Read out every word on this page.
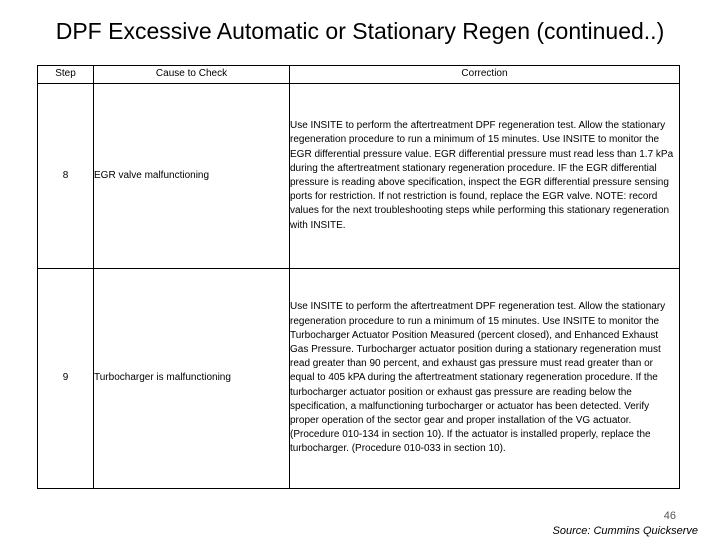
DPF Excessive Automatic or Stationary Regen (continued..)
Step	Cause to Check	Correction
8	EGR valve malfunctioning	Use INSITE to perform the aftertreatment DPF regeneration test. Allow the stationary regeneration procedure to run a minimum of 15 minutes. Use INSITE to monitor the EGR differential pressure value. EGR differential pressure must read less than 1.7 kPa during the aftertreatment stationary regeneration procedure. IF the EGR differential pressure is reading above specification, inspect the EGR differential pressure sensing ports for restriction. If not restriction is found, replace the EGR valve. NOTE: record values for the next troubleshooting steps while performing this stationary regeneration with INSITE.
9	Turbocharger is malfunctioning	Use INSITE to perform the aftertreatment DPF regeneration test. Allow the stationary regeneration procedure to run a minimum of 15 minutes. Use INSITE to monitor the Turbocharger Actuator Position Measured (percent closed), and Enhanced Exhaust Gas Pressure. Turbocharger actuator position during a stationary regeneration must read greater than 90 percent, and exhaust gas pressure must read greater than or equal to 405 kPA during the aftertreatment stationary regeneration procedure. If the turbocharger actuator position or exhaust gas pressure are reading below the specification, a malfunctioning turbocharger or actuator has been detected. Verify proper operation of the sector gear and proper installation of the VG actuator. (Procedure 010-134 in section 10). If the actuator is installed properly, replace the turbocharger. (Procedure 010-033 in section 10).
46
Source: Cummins Quickserve
